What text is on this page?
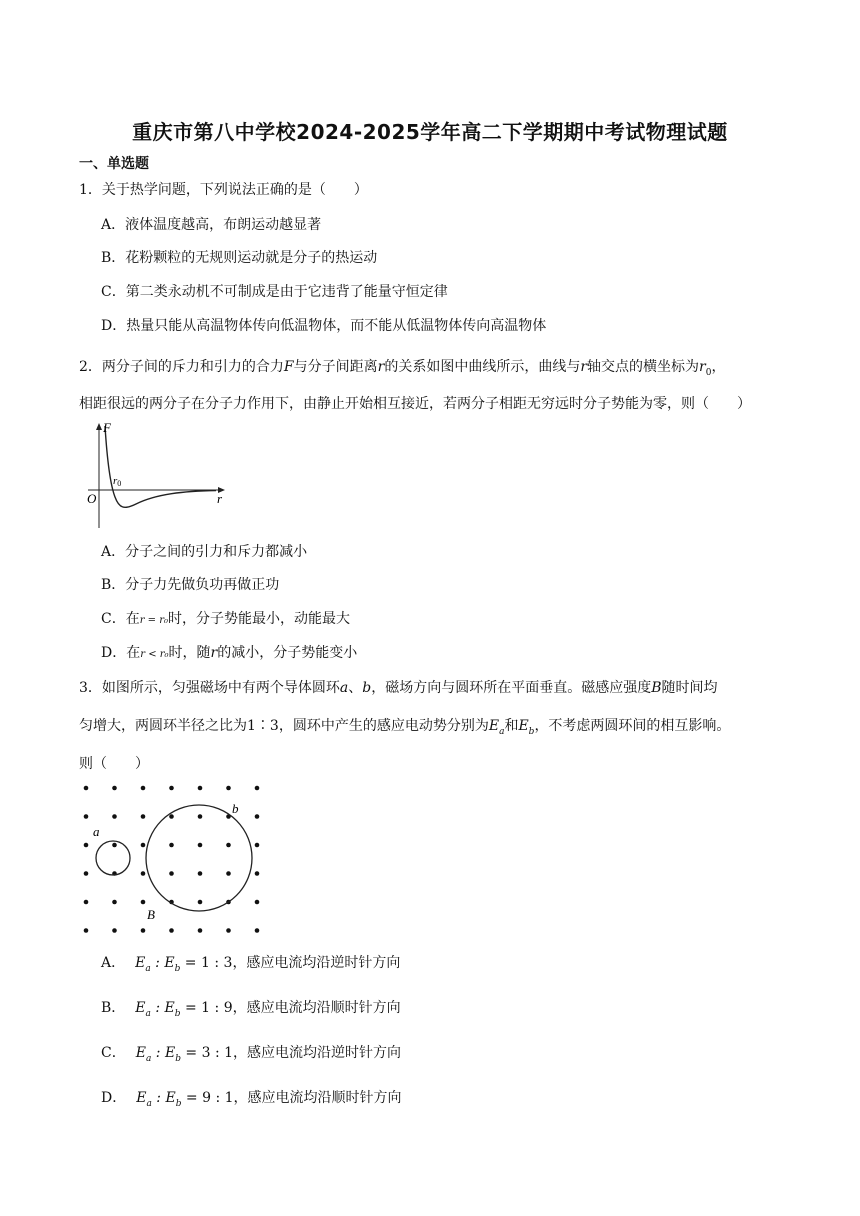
重庆市第八中学校2024-2025学年高二下学期期中考试物理试题
一、单选题
1．关于热学问题，下列说法正确的是（　　）
A．液体温度越高，布朗运动越显著
B．花粉颗粒的无规则运动就是分子的热运动
C．第二类永动机不可制成是由于它违背了能量守恒定律
D．热量只能从高温物体传向低温物体，而不能从低温物体传向高温物体
2．两分子间的斥力和引力的合力F与分子间距离r的关系如图中曲线所示，曲线与r轴交点的横坐标为$r_0$，
相距很远的两分子在分子力作用下，由静止开始相互接近，若两分子相距无穷远时分子势能为零，则（　　）
F
r
O
r0
A．分子之间的引力和斥力都减小
B．分子力先做负功再做正功
C．在r = r₀时，分子势能最小，动能最大
D．在r < r₀时，随r的减小，分子势能变小
3．如图所示，匀强磁场中有两个导体圆环a、b，磁场方向与圆环所在平面垂直。磁感应强度B随时间均
匀增大，两圆环半径之比为1∶3，圆环中产生的感应电动势分别为$E_a$和$E_b$，不考虑两圆环间的相互影响。
则（　　）
a
b
B
A． $E_a$ : $E_b = 1$ : 3，感应电流均沿逆时针方向
B． $E_a$ : $E_b = 1$ : 9，感应电流均沿顺时针方向
C． $E_a$ : $E_b = 3$ : 1，感应电流均沿逆时针方向
D． $E_a$ : $E_b = 9$ : 1，感应电流均沿顺时针方向
